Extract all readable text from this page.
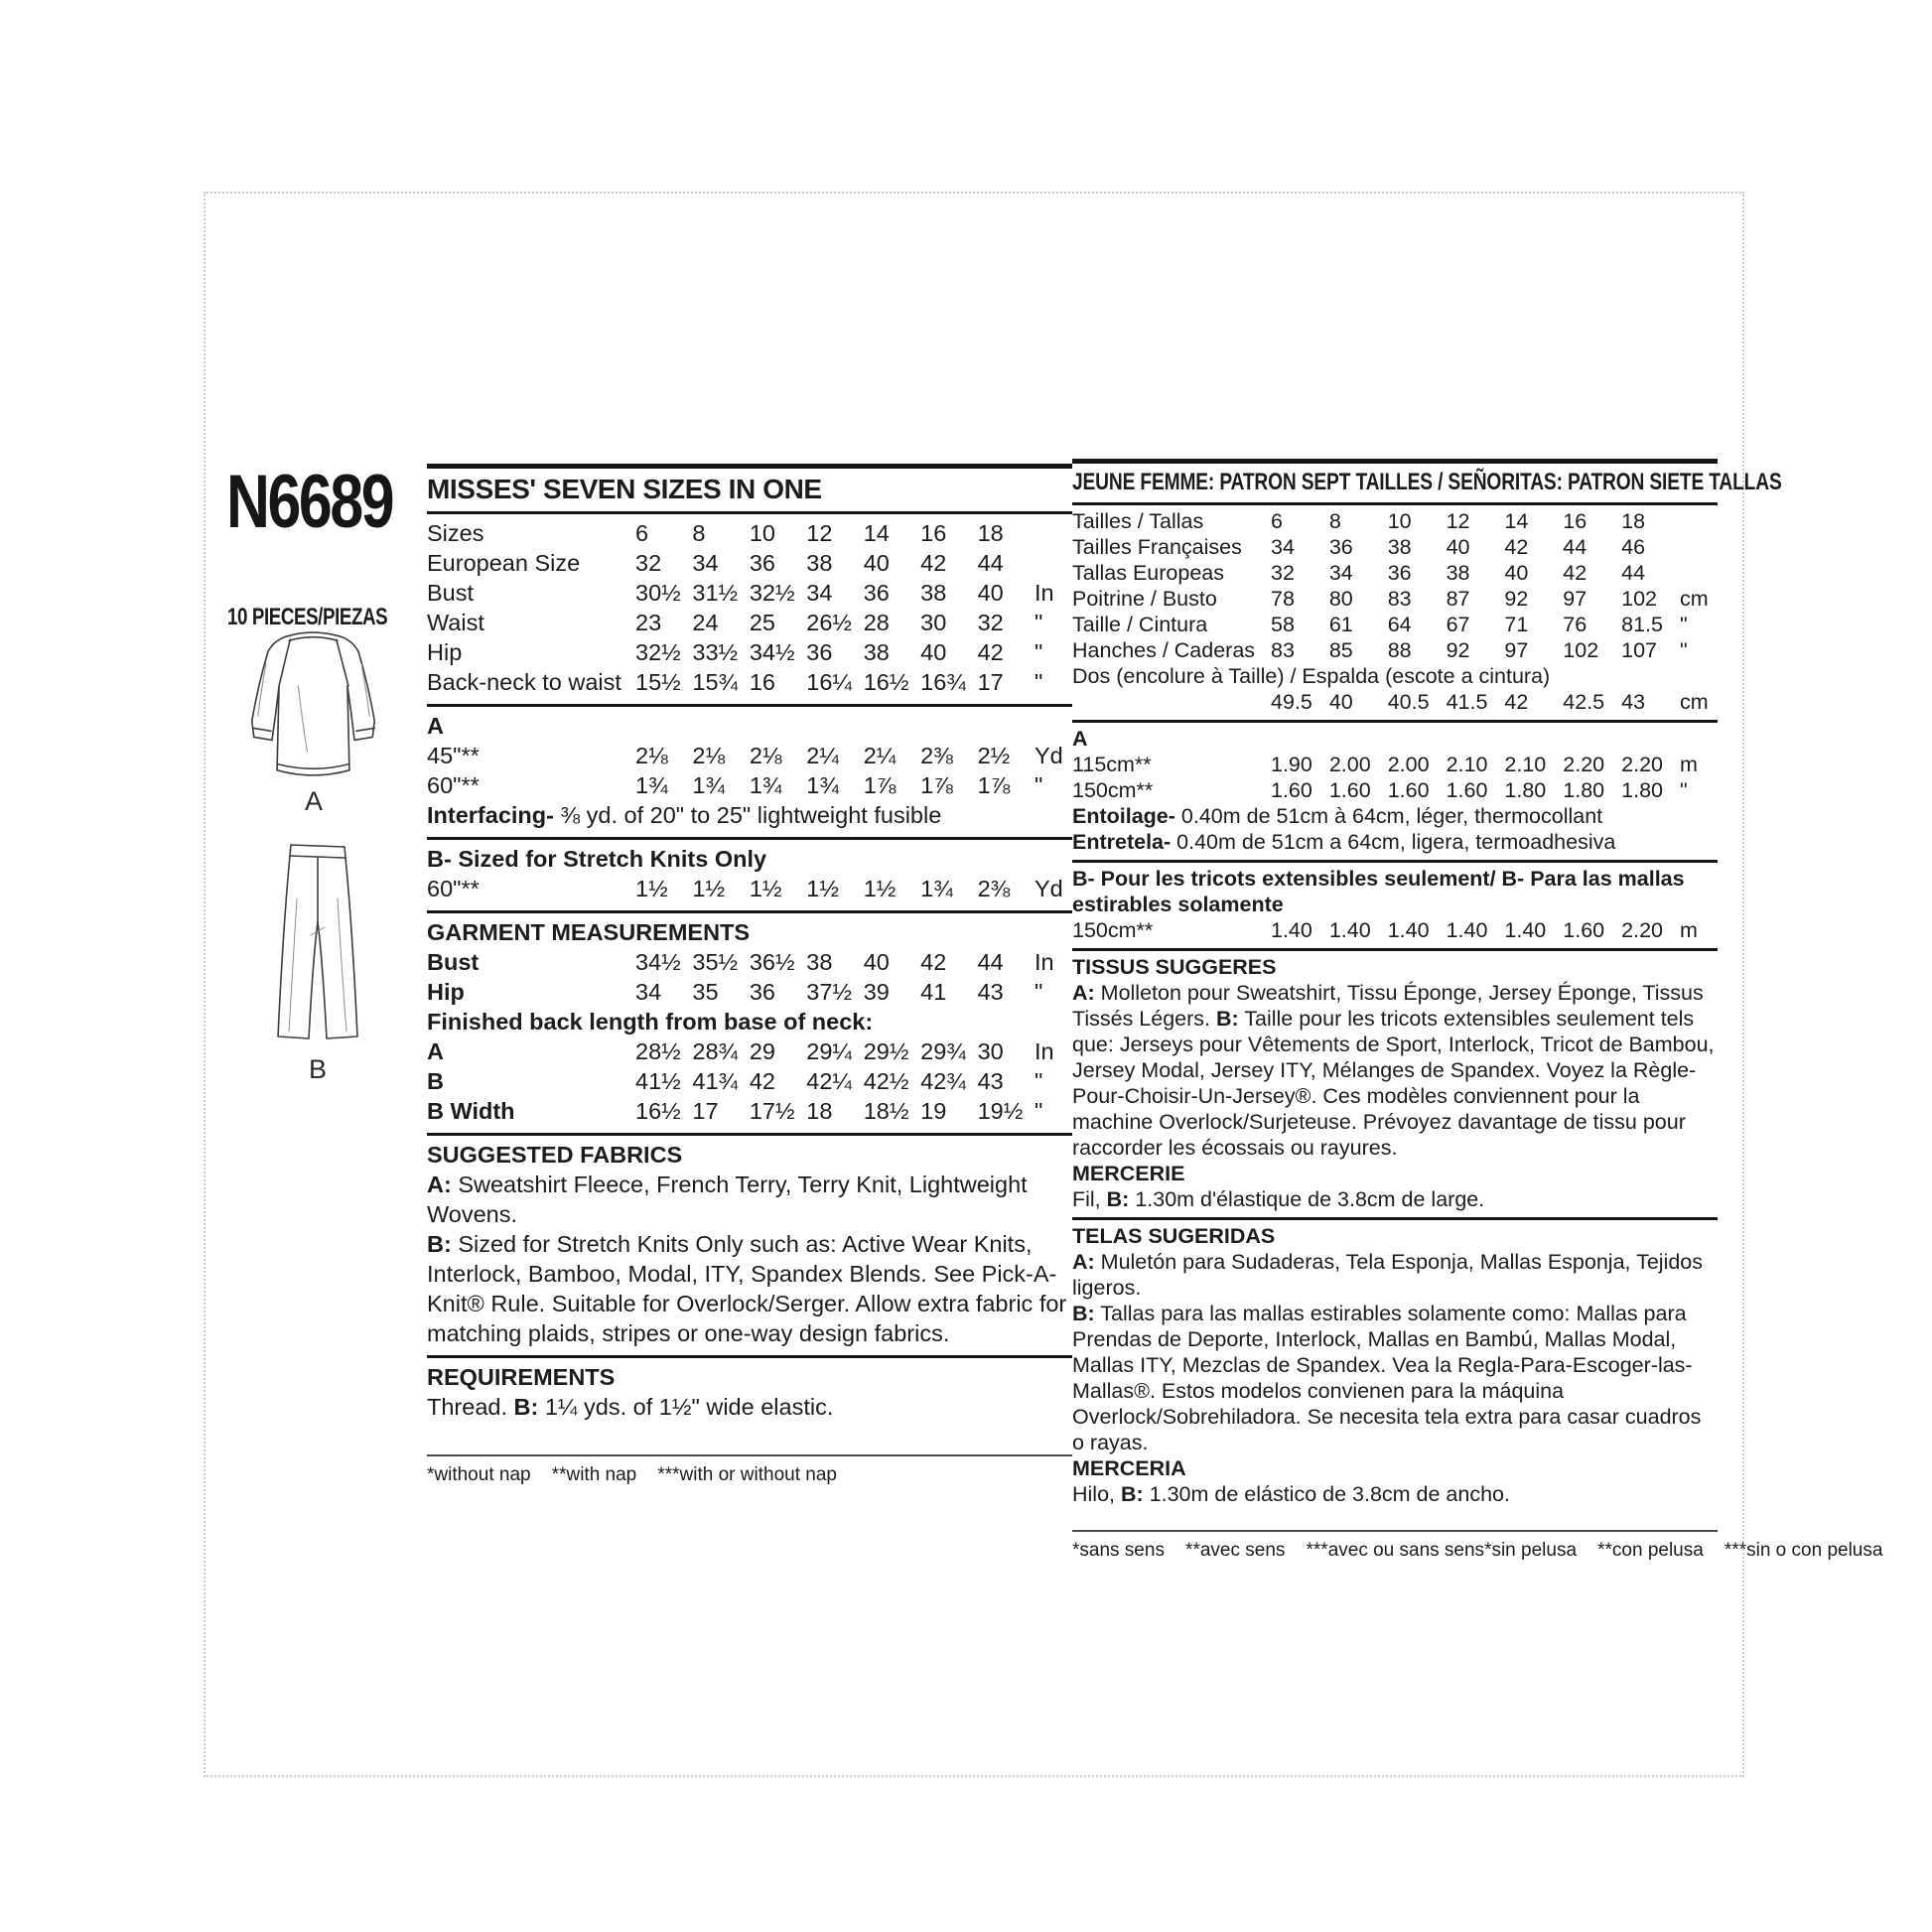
N6689
10 PIECES/PIEZAS
A
B
MISSES' SEVEN SIZES IN ONE
Sizes	6	8	10	12	14	16	18
European Size	32	34	36	38	40	42	44
Bust	30½ 31½ 32½ 34	36	38	40	In
Waist	23	24	25	26½ 28	30	32	"
Hip	32½ 33½ 34½ 36	38	40	42	"
Back-neck to waist 15½ 15¾ 16	16¼ 16½ 16¾ 17	"
A
45"**	2⅛	2⅛	2⅛	2¼	2¼	2⅜	2½	Yd
60"**	1¾	1¾	1¾	1¾	1⅞	1⅞	1⅞	"

Interfacing- ⅜ yd. of 20" to 25" lightweight fusible

B- Sized for Stretch Knits Only
60"**	1½	1½	1½	1½	1½	1¾	2⅜	Yd
GARMENT MEASUREMENTS
Bust	34½ 35½ 36½ 38	40	42	44	In
Hip	34	35	36	37½ 39	41	43	"
Finished back length from base of neck:
A	28½ 28¾ 29	29¼ 29½ 29¾ 30	In
B	41½ 41¾ 42	42¼ 42½ 42¾ 43	"
B Width	16½ 17	17½ 18	18½ 19	19½ "
SUGGESTED FABRICS

A: Sweatshirt Fleece, French Terry, Terry Knit, Lightweight Wovens.

B: Sized for Stretch Knits Only such as: Active Wear Knits, Interlock, Bamboo, Modal, ITY, Spandex Blends. See Pick-A-Knit® Rule. Suitable for Overlock/Serger. Allow extra fabric for matching plaids, stripes or one-way design fabrics.

REQUIREMENTS

Thread. B: 1¼ yds. of 1½" wide elastic.

*without nap    **with nap    ***with or without nap
JEUNE FEMME: PATRON SEPT TAILLES / SEÑORITAS: PATRON SIETE TALLAS
Tailles / Tallas	6	8	10	12	14	16	18
Tailles Françaises	34	36	38	40	42	44	46
Tallas Europeas	32	34	36	38	40	42	44
Poitrine / Busto	78	80	83	87	92	97	102	cm
Taille / Cintura	58	61	64	67	71	76	81.5 "
Hanches / Caderas 83	85	88	92	97	102	107	"
Dos (encolure à Taille) / Espalda (escote a cintura)
49.5 40	40.5 41.5 42	42.5 43	cm
A
115cm**	1.90 2.00 2.00 2.10 2.10 2.20 2.20 m
150cm**	1.60 1.60 1.60 1.60 1.80 1.80 1.80 "

Entoilage- 0.40m de 51cm à 64cm, léger, thermocollant

Entretela- 0.40m de 51cm a 64cm, ligera, termoadhesiva

B- Pour les tricots extensibles seulement/ B- Para las mallas estirables solamente
150cm**	1.40 1.40 1.40 1.40 1.40 1.60 2.20 m
TISSUS SUGGERES

A: Molleton pour Sweatshirt, Tissu Éponge, Jersey Éponge, Tissus Tissés Légers. B: Taille pour les tricots extensibles seulement tels que: Jerseys pour Vêtements de Sport, Interlock, Tricot de Bambou, Jersey Modal, Jersey ITY, Mélanges de Spandex. Voyez la Règle-Pour-Choisir-Un-Jersey®. Ces modèles conviennent pour la machine Overlock/Surjeteuse. Prévoyez davantage de tissu pour raccorder les écossais ou rayures.

MERCERIE

Fil, B: 1.30m d'élastique de 3.8cm de large.

TELAS SUGERIDAS

A: Muletón para Sudaderas, Tela Esponja, Mallas Esponja, Tejidos ligeros.

B: Tallas para las mallas estirables solamente como: Mallas para Prendas de Deporte, Interlock, Mallas en Bambú, Mallas Modal, Mallas ITY, Mezclas de Spandex. Vea la Regla-Para-Escoger-las-Mallas®. Estos modelos convienen para la máquina Overlock/Sobrehiladora. Se necesita tela extra para casar cuadros o rayas.

MERCERIA

Hilo, B: 1.30m de elástico de 3.8cm de ancho.

*sans sens    **avec sens    ***avec ou sans sens *sin pelusa    **con pelusa    ***sin o con pelusa
